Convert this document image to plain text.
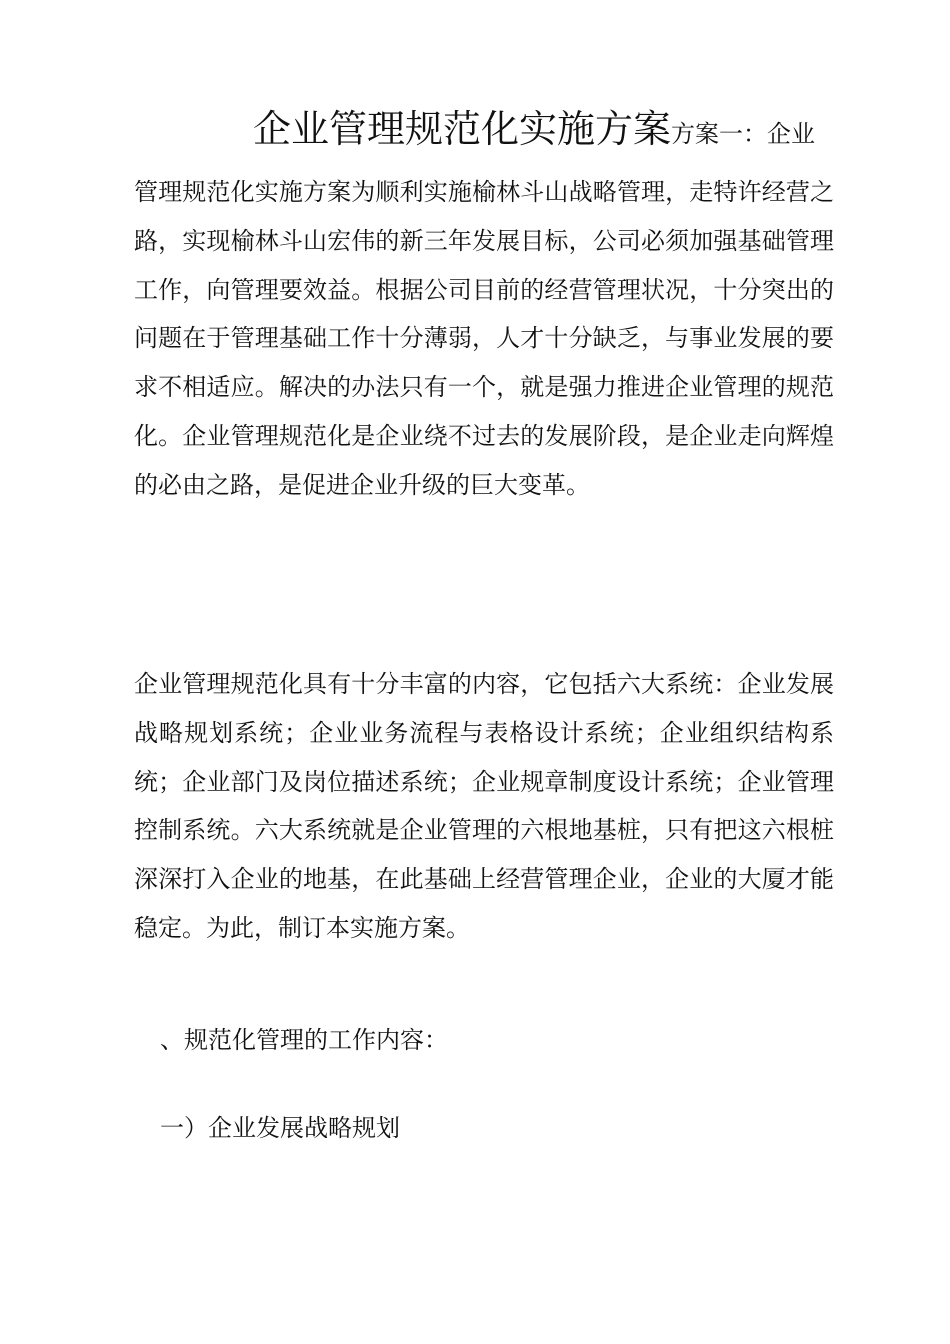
企业管理规范化实施方案方案一：企业

管理规范化实施方案为顺利实施榆林斗山战略管理，走特许经营之路，实现榆林斗山宏伟的新三年发展目标，公司必须加强基础管理工作，向管理要效益。根据公司目前的经营管理状况，十分突出的问题在于管理基础工作十分薄弱，人才十分缺乏，与事业发展的要求不相适应。解决的办法只有一个，就是强力推进企业管理的规范化。企业管理规范化是企业绕不过去的发展阶段，是企业走向辉煌的必由之路，是促进企业升级的巨大变革。

企业管理规范化具有十分丰富的内容，它包括六大系统：企业发展战略规划系统；企业业务流程与表格设计系统；企业组织结构系统；企业部门及岗位描述系统；企业规章制度设计系统；企业管理控制系统。六大系统就是企业管理的六根地基桩，只有把这六根桩深深打入企业的地基，在此基础上经营管理企业，企业的大厦才能稳定。为此，制订本实施方案。

、规范化管理的工作内容：

一）企业发展战略规划
